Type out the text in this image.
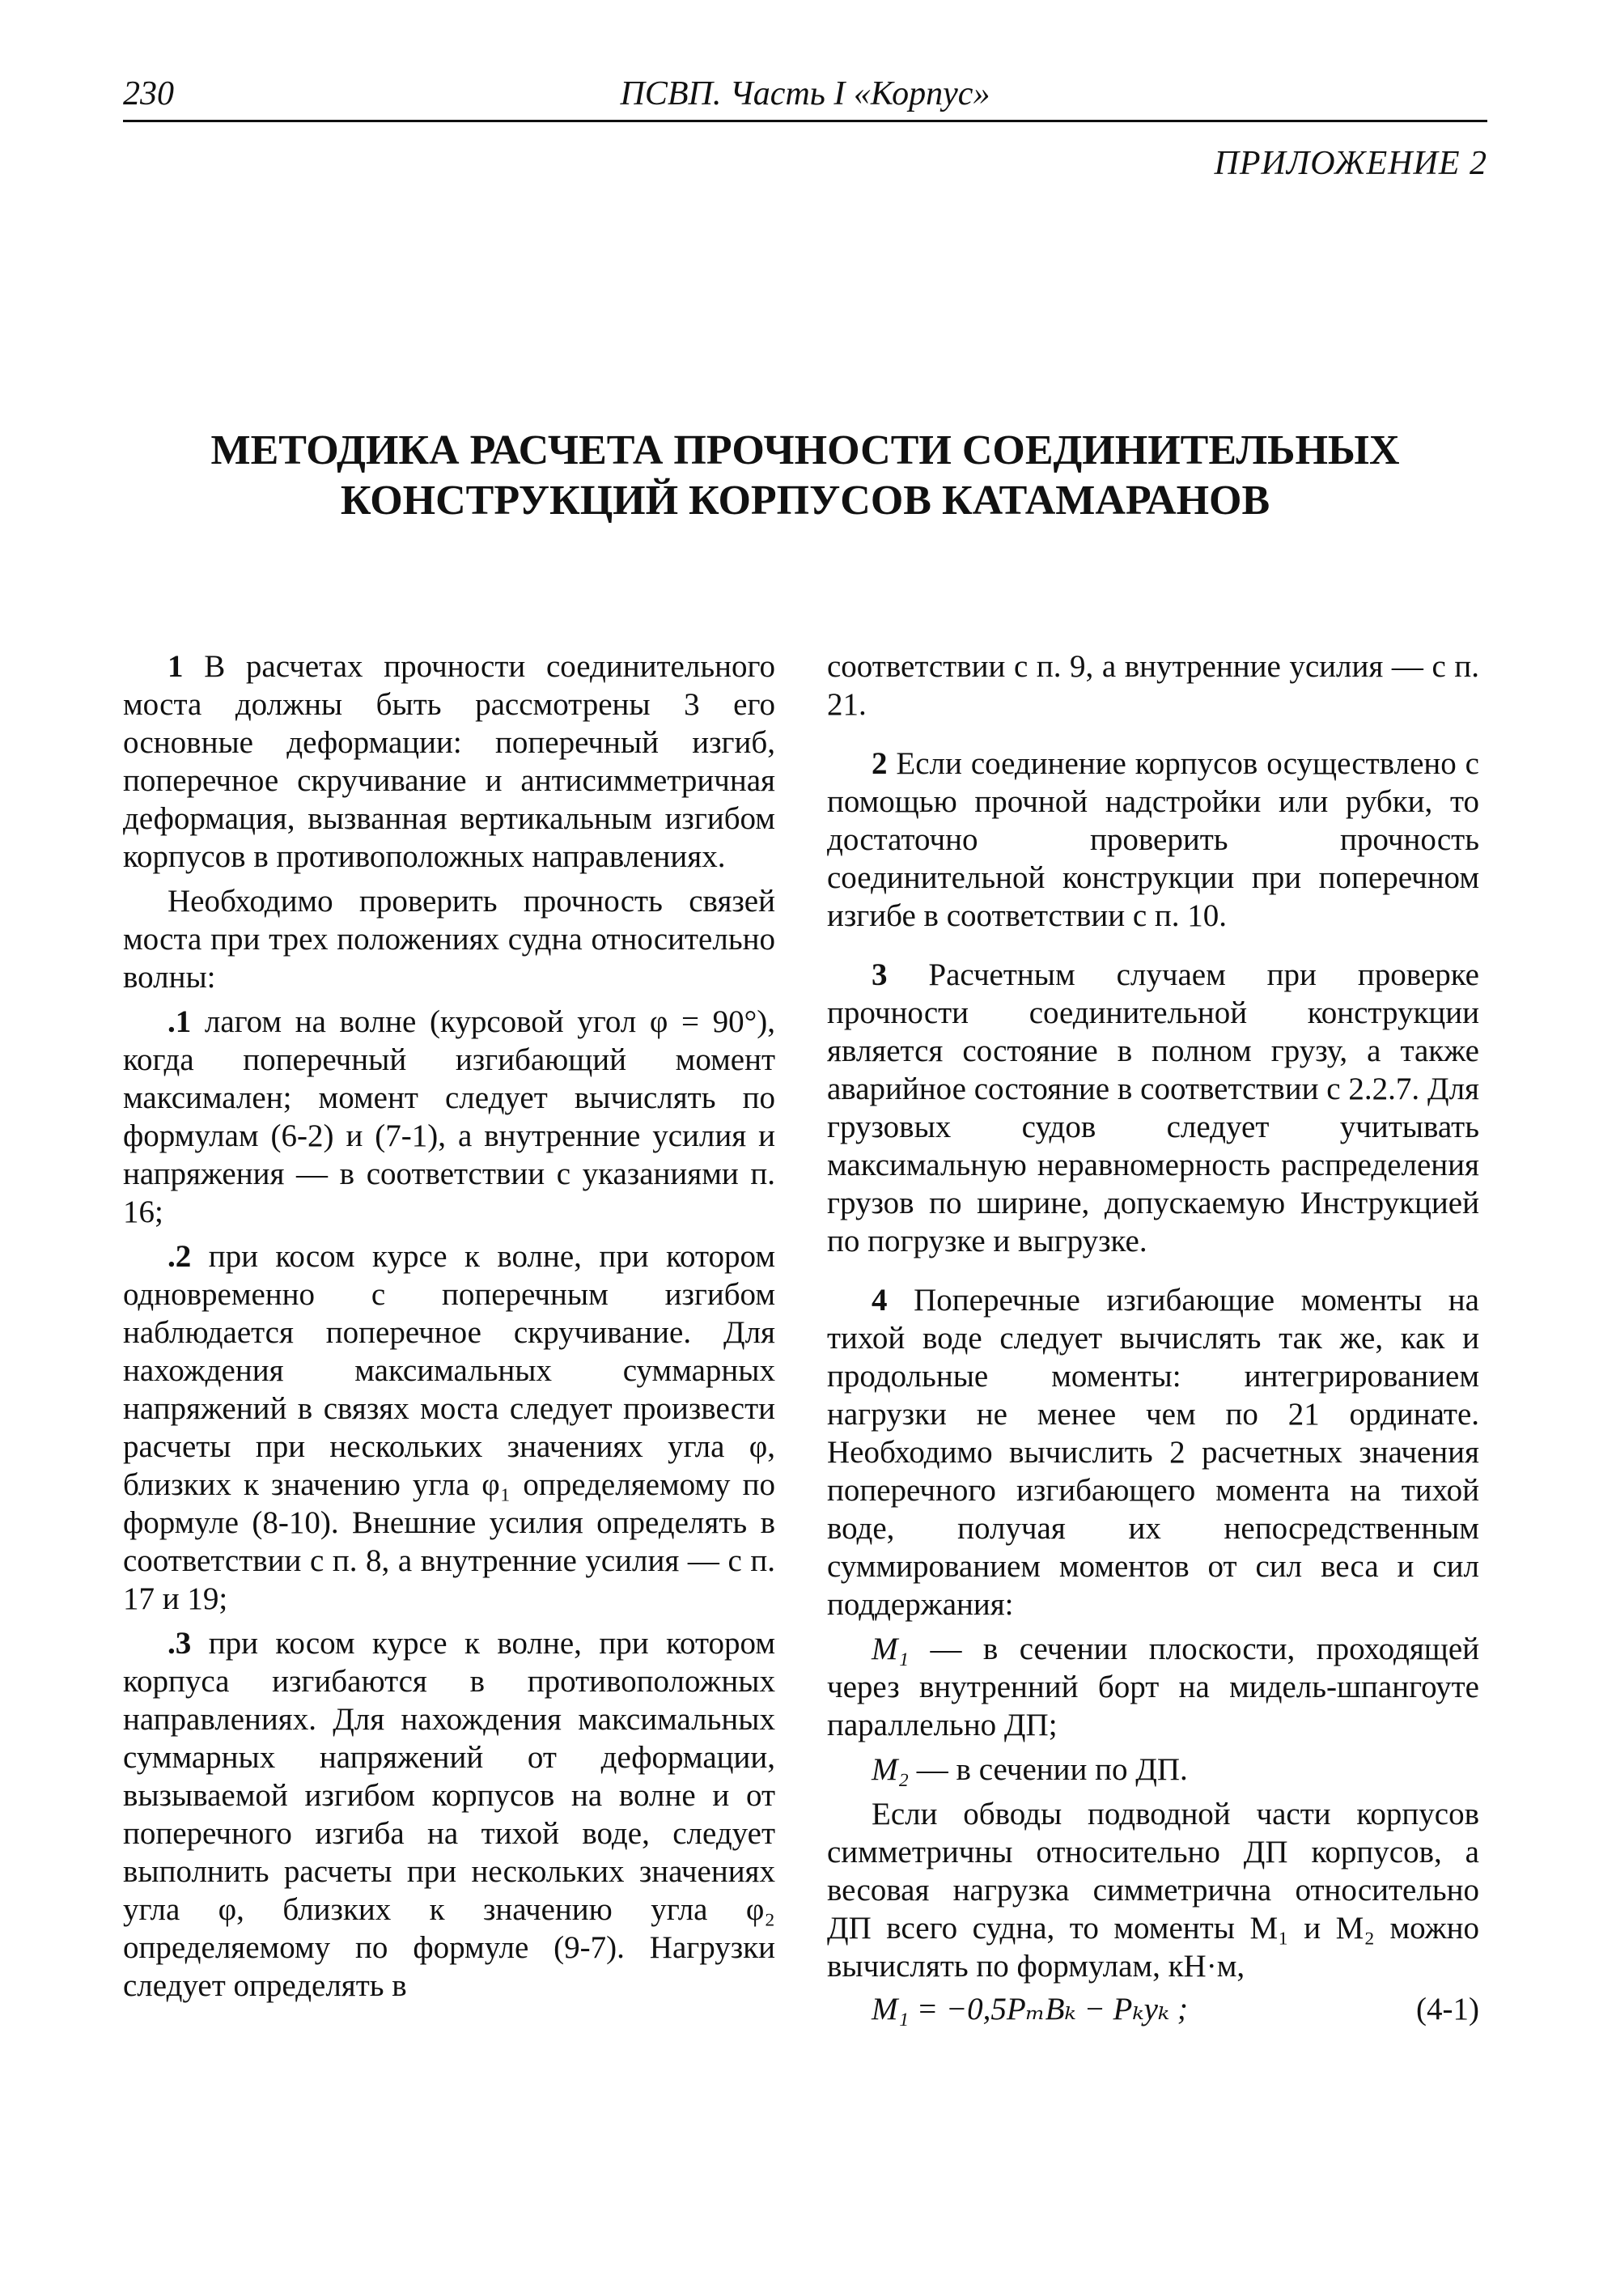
230	ПСВП. Часть I «Корпус»
ПРИЛОЖЕНИЕ 2
МЕТОДИКА РАСЧЕТА ПРОЧНОСТИ СОЕДИНИТЕЛЬНЫХ
КОНСТРУКЦИЙ КОРПУСОВ КАТАМАРАНОВ

1 В расчетах прочности соединительного моста должны быть рассмотрены 3 его основные деформации: поперечный изгиб, поперечное скручивание и антисимметричная деформация, вызванная вертикальным изгибом корпусов в противоположных направлениях.

Необходимо проверить прочность связей моста при трех положениях судна относительно волны:

.1 лагом на волне (курсовой угол φ = 90°), когда поперечный изгибающий момент максимален; момент следует вычислять по формулам (6-2) и (7-1), а внутренние усилия и напряжения — в соответствии с указаниями п. 16;

.2 при косом курсе к волне, при котором одновременно с поперечным изгибом наблюдается поперечное скручивание. Для нахождения максимальных суммарных напряжений в связях моста следует произвести расчеты при нескольких значениях угла φ, близких к значению угла φ₁ определяемому по формуле (8-10). Внешние усилия определять в соответствии с п. 8, а внутренние усилия — с п. 17 и 19;

.3 при косом курсе к волне, при котором корпуса изгибаются в противоположных направлениях. Для нахождения максимальных суммарных напряжений от деформации, вызываемой изгибом корпусов на волне и от поперечного изгиба на тихой воде, следует выполнить расчеты при нескольких значениях угла φ, близких к значению угла φ₂ определяемому по формуле (9-7). Нагрузки следует определять в

соответствии с п. 9, а внутренние усилия — с п. 21.

2 Если соединение корпусов осуществлено с помощью прочной надстройки или рубки, то достаточно проверить прочность соединительной конструкции при поперечном изгибе в соответствии с п. 10.

3 Расчетным случаем при проверке прочности соединительной конструкции является состояние в полном грузу, а также аварийное состояние в соответствии с 2.2.7. Для грузовых судов следует учитывать максимальную неравномерность распределения грузов по ширине, допускаемую Инструкцией по погрузке и выгрузке.

4 Поперечные изгибающие моменты на тихой воде следует вычислять так же, как и продольные моменты: интегрированием нагрузки не менее чем по 21 ординате. Необходимо вычислить 2 расчетных значения поперечного изгибающего момента на тихой воде, получая их непосредственным суммированием моментов от сил веса и сил поддержания:

M₁ — в сечении плоскости, проходящей через внутренний борт на мидель-шпангоуте параллельно ДП;

M₂ — в сечении по ДП.

Если обводы подводной части корпусов симметричны относительно ДП корпусов, а весовая нагрузка симметрична относительно ДП всего судна, то моменты M₁ и M₂ можно вычислять по формулам, кН·м,

M₁ = −0,5PₘBₖ − Pₖyₖ ;	(4-1)
